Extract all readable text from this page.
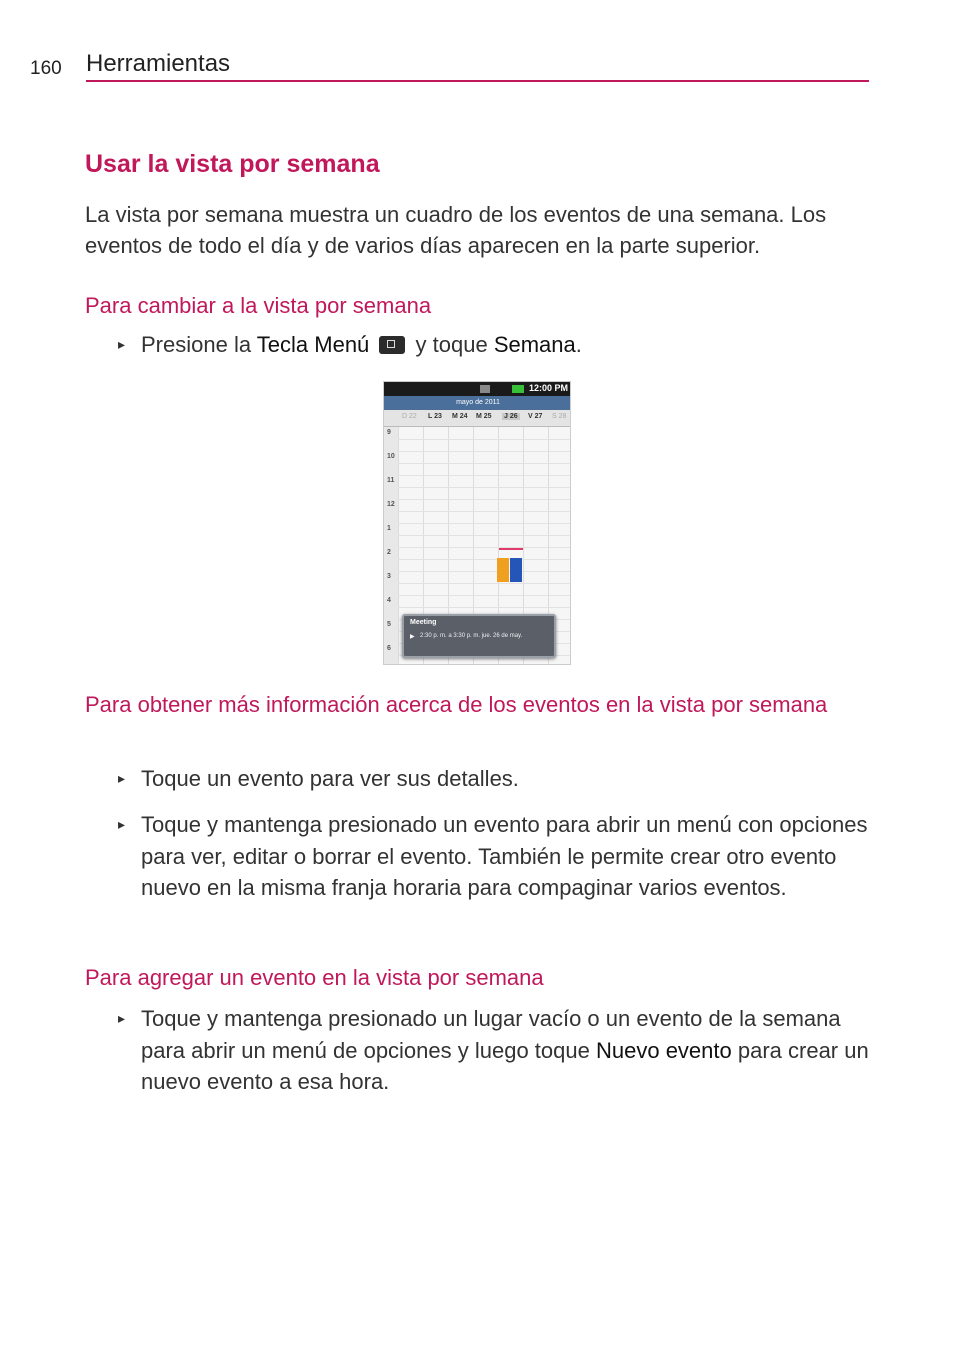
160 Herramientas
Usar la vista por semana
La vista por semana muestra un cuadro de los eventos de una semana. Los eventos de todo el día y de varios días aparecen en la parte superior.
Para cambiar a la vista por semana
▸ Presione la Tecla Menú  y toque Semana.
12:00 PM
mayo de 2011
D 22 L 23 M 24 M 25 J 26 V 27 S 28
9
10
11
12
1
2
3
4
5
6
Meeting
▶ 2:30 p. m. a 3:30 p. m. jue. 26 de may.
Para obtener más información acerca de los eventos en la vista por semana
▸ Toque un evento para ver sus detalles.
▸ Toque y mantenga presionado un evento para abrir un menú con opciones para ver, editar o borrar el evento. También le permite crear otro evento nuevo en la misma franja horaria para compaginar varios eventos.
Para agregar un evento en la vista por semana
▸ Toque y mantenga presionado un lugar vacío o un evento de la semana para abrir un menú de opciones y luego toque Nuevo evento para crear un nuevo evento a esa hora.
